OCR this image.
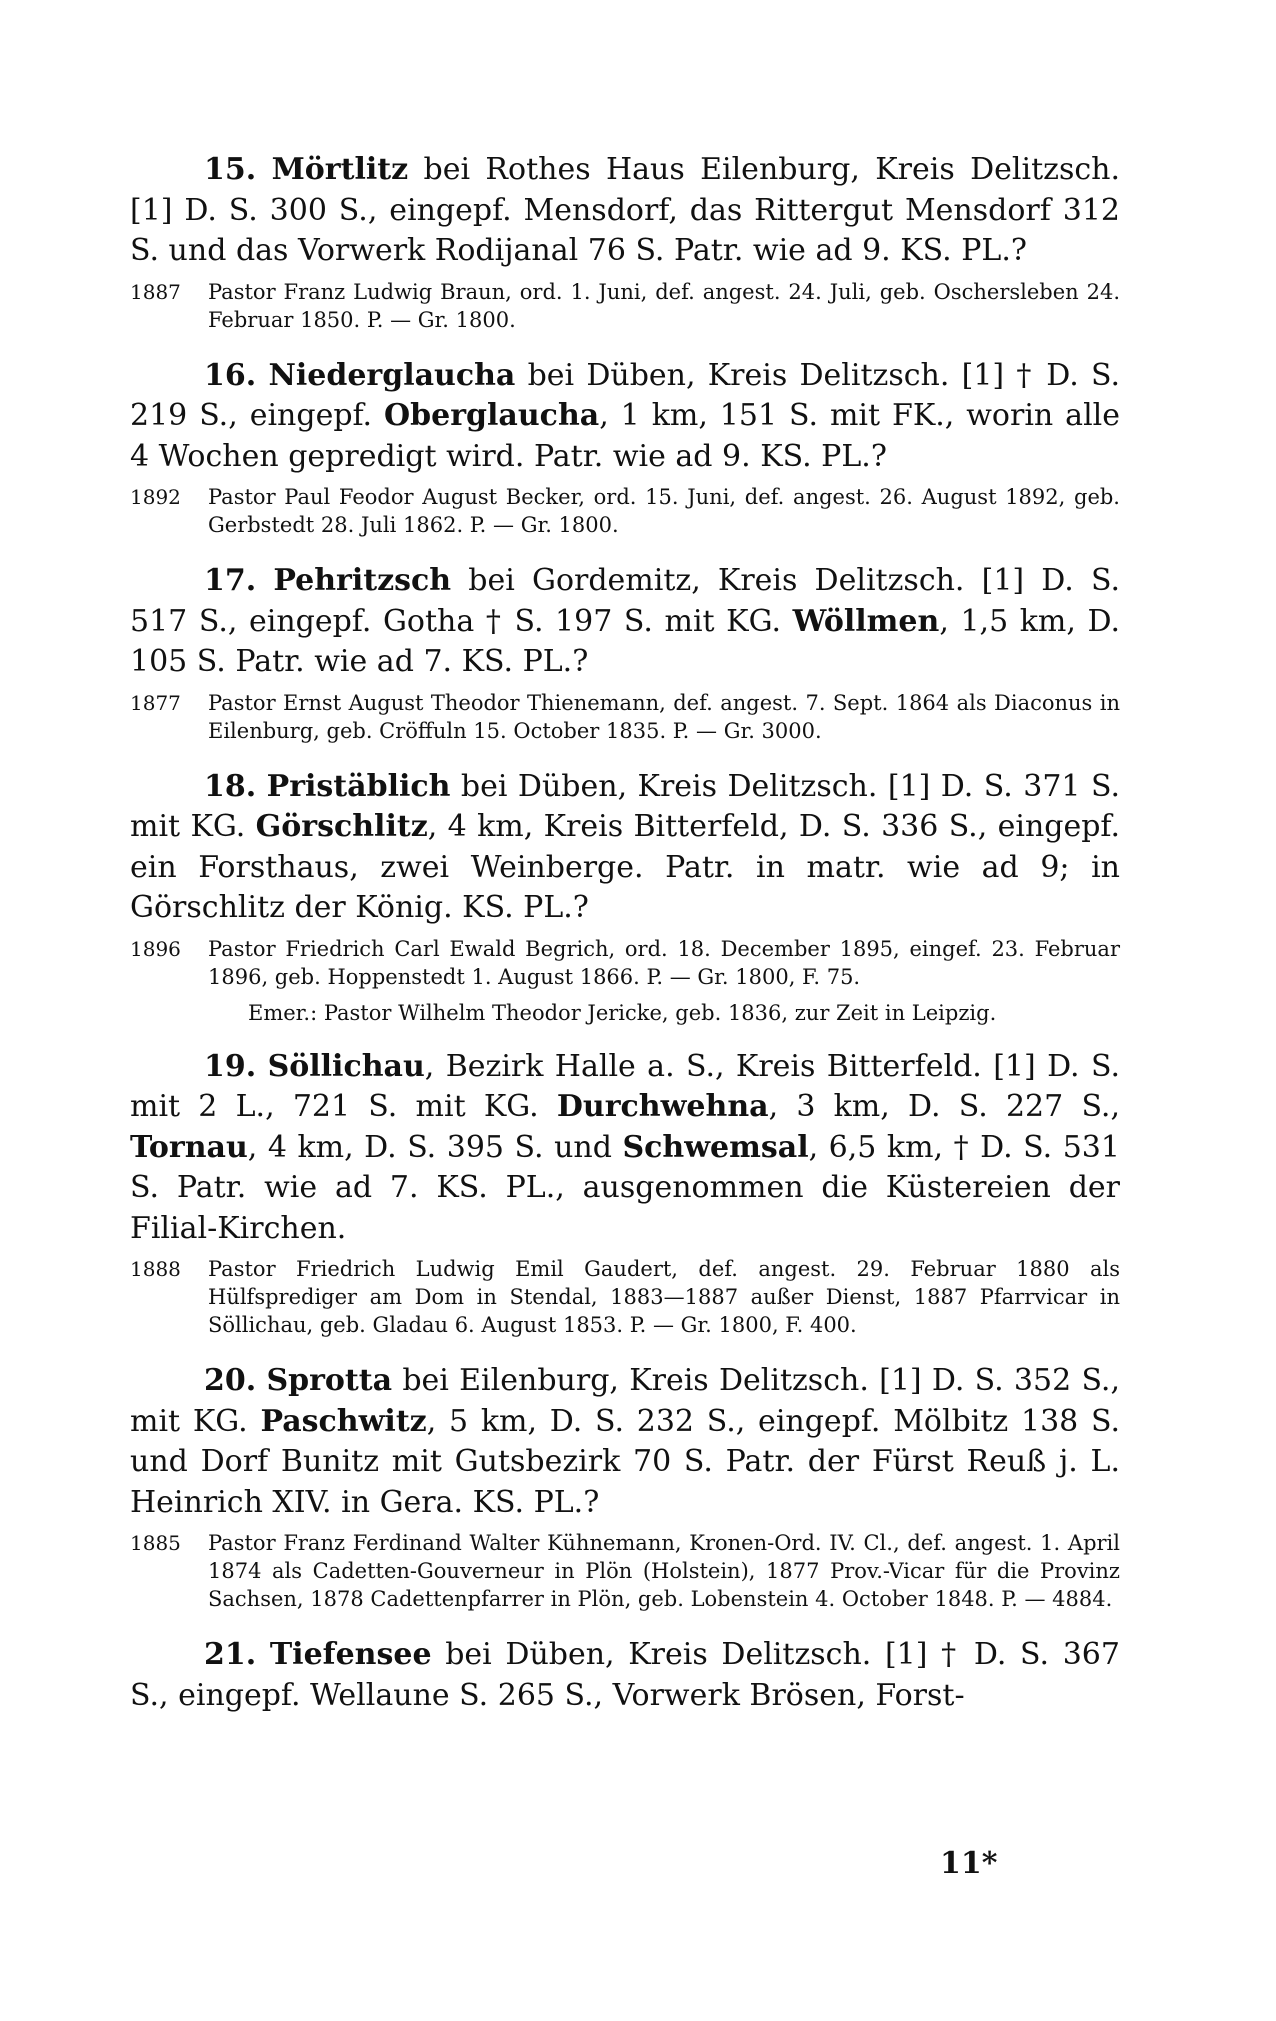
15. Mörtlitz bei Rothes Haus Eilenburg, Kreis Delitzsch. [1] D. S. 300 S., eingepf. Mensdorf, das Rittergut Mensdorf 312 S. und das Vorwerk Rodijanal 76 S. Patr. wie ad 9. KS. PL.?

1887	Pastor Franz Ludwig Braun, ord. 1. Juni, def. angest. 24. Juli, geb. Oschersleben 24. Februar 1850. P. — Gr. 1800.

16. Niederglaucha bei Düben, Kreis Delitzsch. [1] † D. S. 219 S., eingepf. Oberglaucha, 1 km, 151 S. mit FK., worin alle 4 Wochen gepredigt wird. Patr. wie ad 9. KS. PL.?

1892	Pastor Paul Feodor August Becker, ord. 15. Juni, def. angest. 26. August 1892, geb. Gerbstedt 28. Juli 1862. P. — Gr. 1800.

17. Pehritzsch bei Gordemitz, Kreis Delitzsch. [1] D. S. 517 S., eingepf. Gotha † S. 197 S. mit KG. Wöllmen, 1,5 km, D. 105 S. Patr. wie ad 7. KS. PL.?

1877	Pastor Ernst August Theodor Thienemann, def. angest. 7. Sept. 1864 als Diaconus in Eilenburg, geb. Cröffuln 15. October 1835. P. — Gr. 3000.

18. Pristäblich bei Düben, Kreis Delitzsch. [1] D. S. 371 S. mit KG. Görschlitz, 4 km, Kreis Bitterfeld, D. S. 336 S., eingepf. ein Forsthaus, zwei Weinberge. Patr. in matr. wie ad 9; in Görschlitz der König. KS. PL.?

1896	Pastor Friedrich Carl Ewald Begrich, ord. 18. December 1895, eingef. 23. Februar 1896, geb. Hoppenstedt 1. August 1866. P. — Gr. 1800, F. 75.

Emer.: Pastor Wilhelm Theodor Jericke, geb. 1836, zur Zeit in Leipzig.

19. Söllichau, Bezirk Halle a. S., Kreis Bitterfeld. [1] D. S. mit 2 L., 721 S. mit KG. Durchwehna, 3 km, D. S. 227 S., Tornau, 4 km, D. S. 395 S. und Schwemsal, 6,5 km, † D. S. 531 S. Patr. wie ad 7. KS. PL., ausgenommen die Küstereien der Filial-Kirchen.

1888	Pastor Friedrich Ludwig Emil Gaudert, def. angest. 29. Februar 1880 als Hülfsprediger am Dom in Stendal, 1883—1887 außer Dienst, 1887 Pfarrvicar in Söllichau, geb. Gladau 6. August 1853. P. — Gr. 1800, F. 400.

20. Sprotta bei Eilenburg, Kreis Delitzsch. [1] D. S. 352 S., mit KG. Paschwitz, 5 km, D. S. 232 S., eingepf. Mölbitz 138 S. und Dorf Bunitz mit Gutsbezirk 70 S. Patr. der Fürst Reuß j. L. Heinrich XIV. in Gera. KS. PL.?

1885	Pastor Franz Ferdinand Walter Kühnemann, Kronen-Ord. IV. Cl., def. angest. 1. April 1874 als Cadetten-Gouverneur in Plön (Holstein), 1877 Prov.-Vicar für die Provinz Sachsen, 1878 Cadettenpfarrer in Plön, geb. Lobenstein 4. October 1848. P. — 4884.

21. Tiefensee bei Düben, Kreis Delitzsch. [1] † D. S. 367 S., eingepf. Wellaune S. 265 S., Vorwerk Brösen, Forst-

11*
